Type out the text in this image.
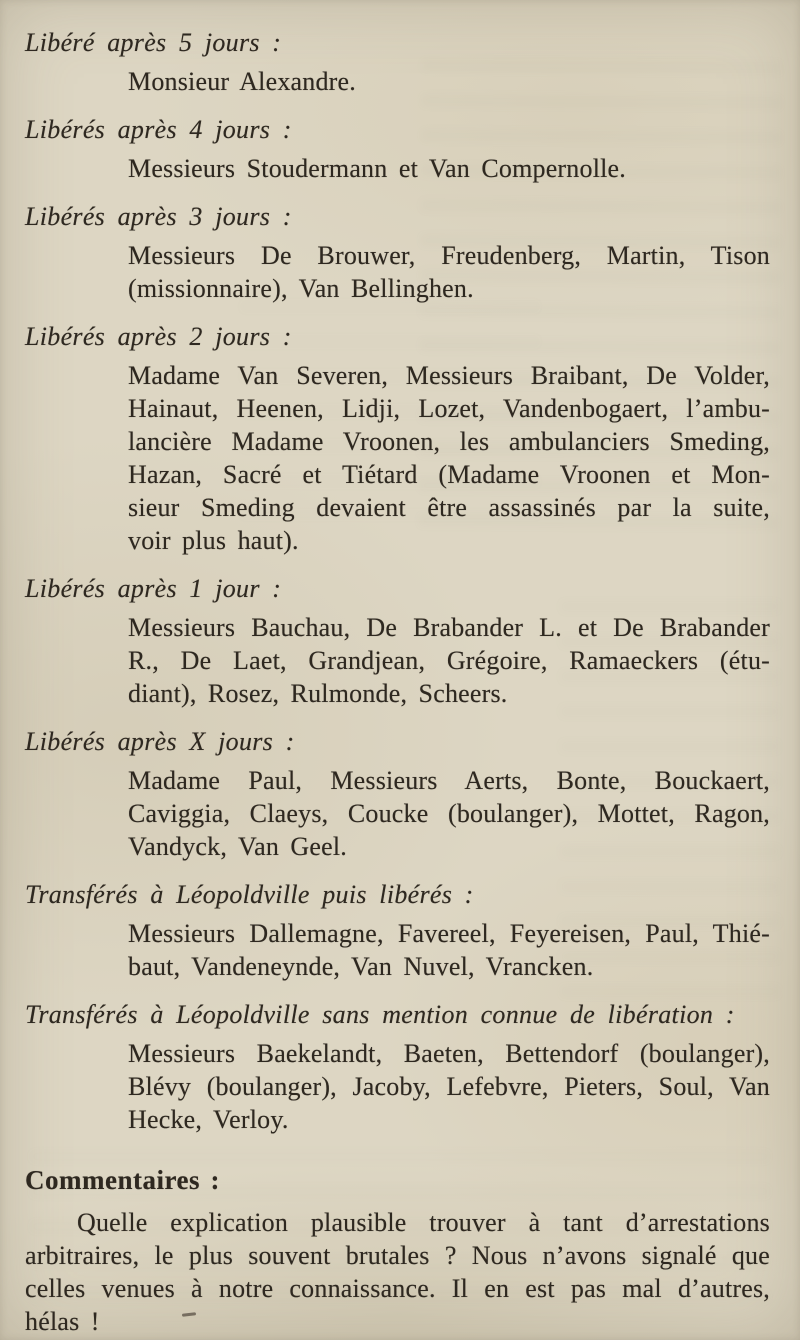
Libéré après 5 jours :
Monsieur Alexandre.
Libérés après 4 jours :
Messieurs Stoudermann et Van Compernolle.
Libérés après 3 jours :
Messieurs De Brouwer, Freudenberg, Martin, Tison
(missionnaire), Van Bellinghen.
Libérés après 2 jours :
Madame Van Severen, Messieurs Braibant, De Volder,
Hainaut, Heenen, Lidji, Lozet, Vandenbogaert, l’ambu-
lancière Madame Vroonen, les ambulanciers Smeding,
Hazan, Sacré et Tiétard (Madame Vroonen et Mon-
sieur Smeding devaient être assassinés par la suite,
voir plus haut).
Libérés après 1 jour :
Messieurs Bauchau, De Brabander L. et De Brabander
R., De Laet, Grandjean, Grégoire, Ramaeckers (étu-
diant), Rosez, Rulmonde, Scheers.
Libérés après X jours :
Madame Paul, Messieurs Aerts, Bonte, Bouckaert,
Caviggia, Claeys, Coucke (boulanger), Mottet, Ragon,
Vandyck, Van Geel.
Transférés à Léopoldville puis libérés :
Messieurs Dallemagne, Favereel, Feyereisen, Paul, Thié-
baut, Vandeneynde, Van Nuvel, Vrancken.
Transférés à Léopoldville sans mention connue de libération :
Messieurs Baekelandt, Baeten, Bettendorf (boulanger),
Blévy (boulanger), Jacoby, Lefebvre, Pieters, Soul, Van
Hecke, Verloy.
Commentaires :
Quelle explication plausible trouver à tant d’arrestations
arbitraires, le plus souvent brutales ? Nous n’avons signalé que
celles venues à notre connaissance. Il en est pas mal d’autres,
hélas !
